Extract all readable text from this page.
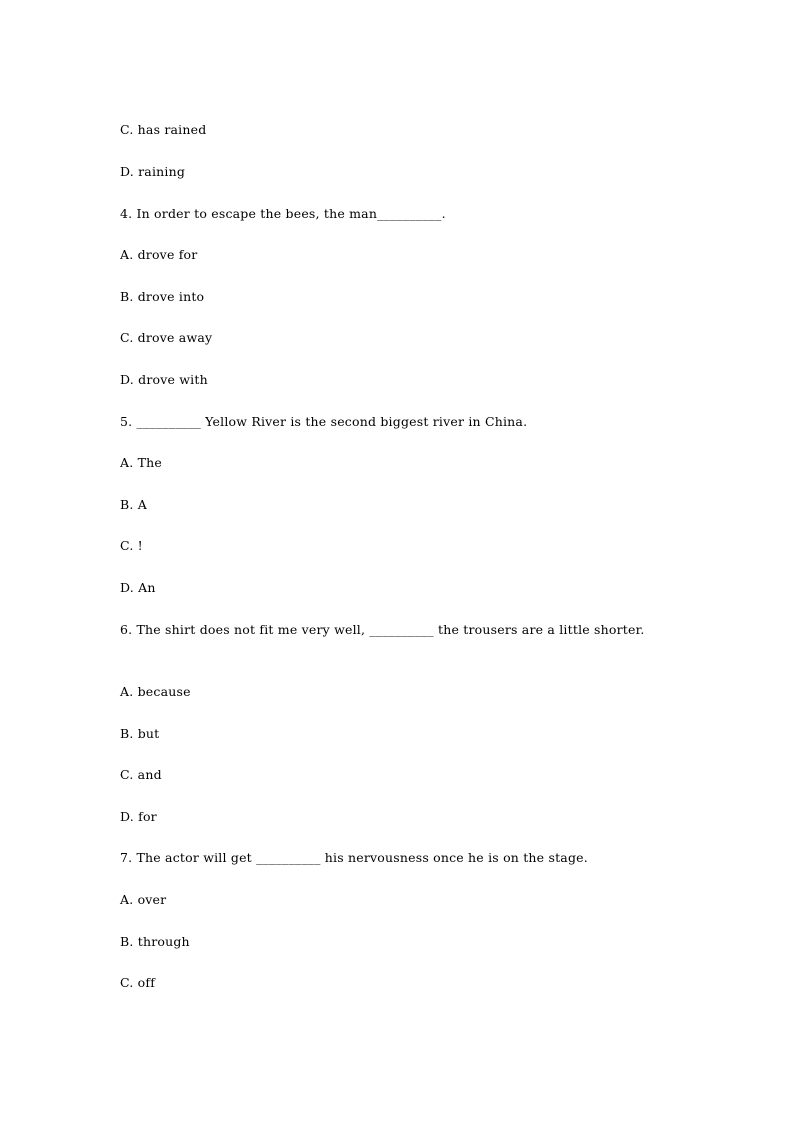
C. has rained
D. raining
4. In order to escape the bees, the man__________.
A. drove for
B. drove into
C. drove away
D. drove with
5. __________ Yellow River is the second biggest river in China.
A. The
B. A
C. !
D. An
6. The shirt does not fit me very well, __________ the trousers are a little shorter.
A. because
B. but
C. and
D. for
7. The actor will get __________ his nervousness once he is on the stage.
A. over
B. through
C. off
